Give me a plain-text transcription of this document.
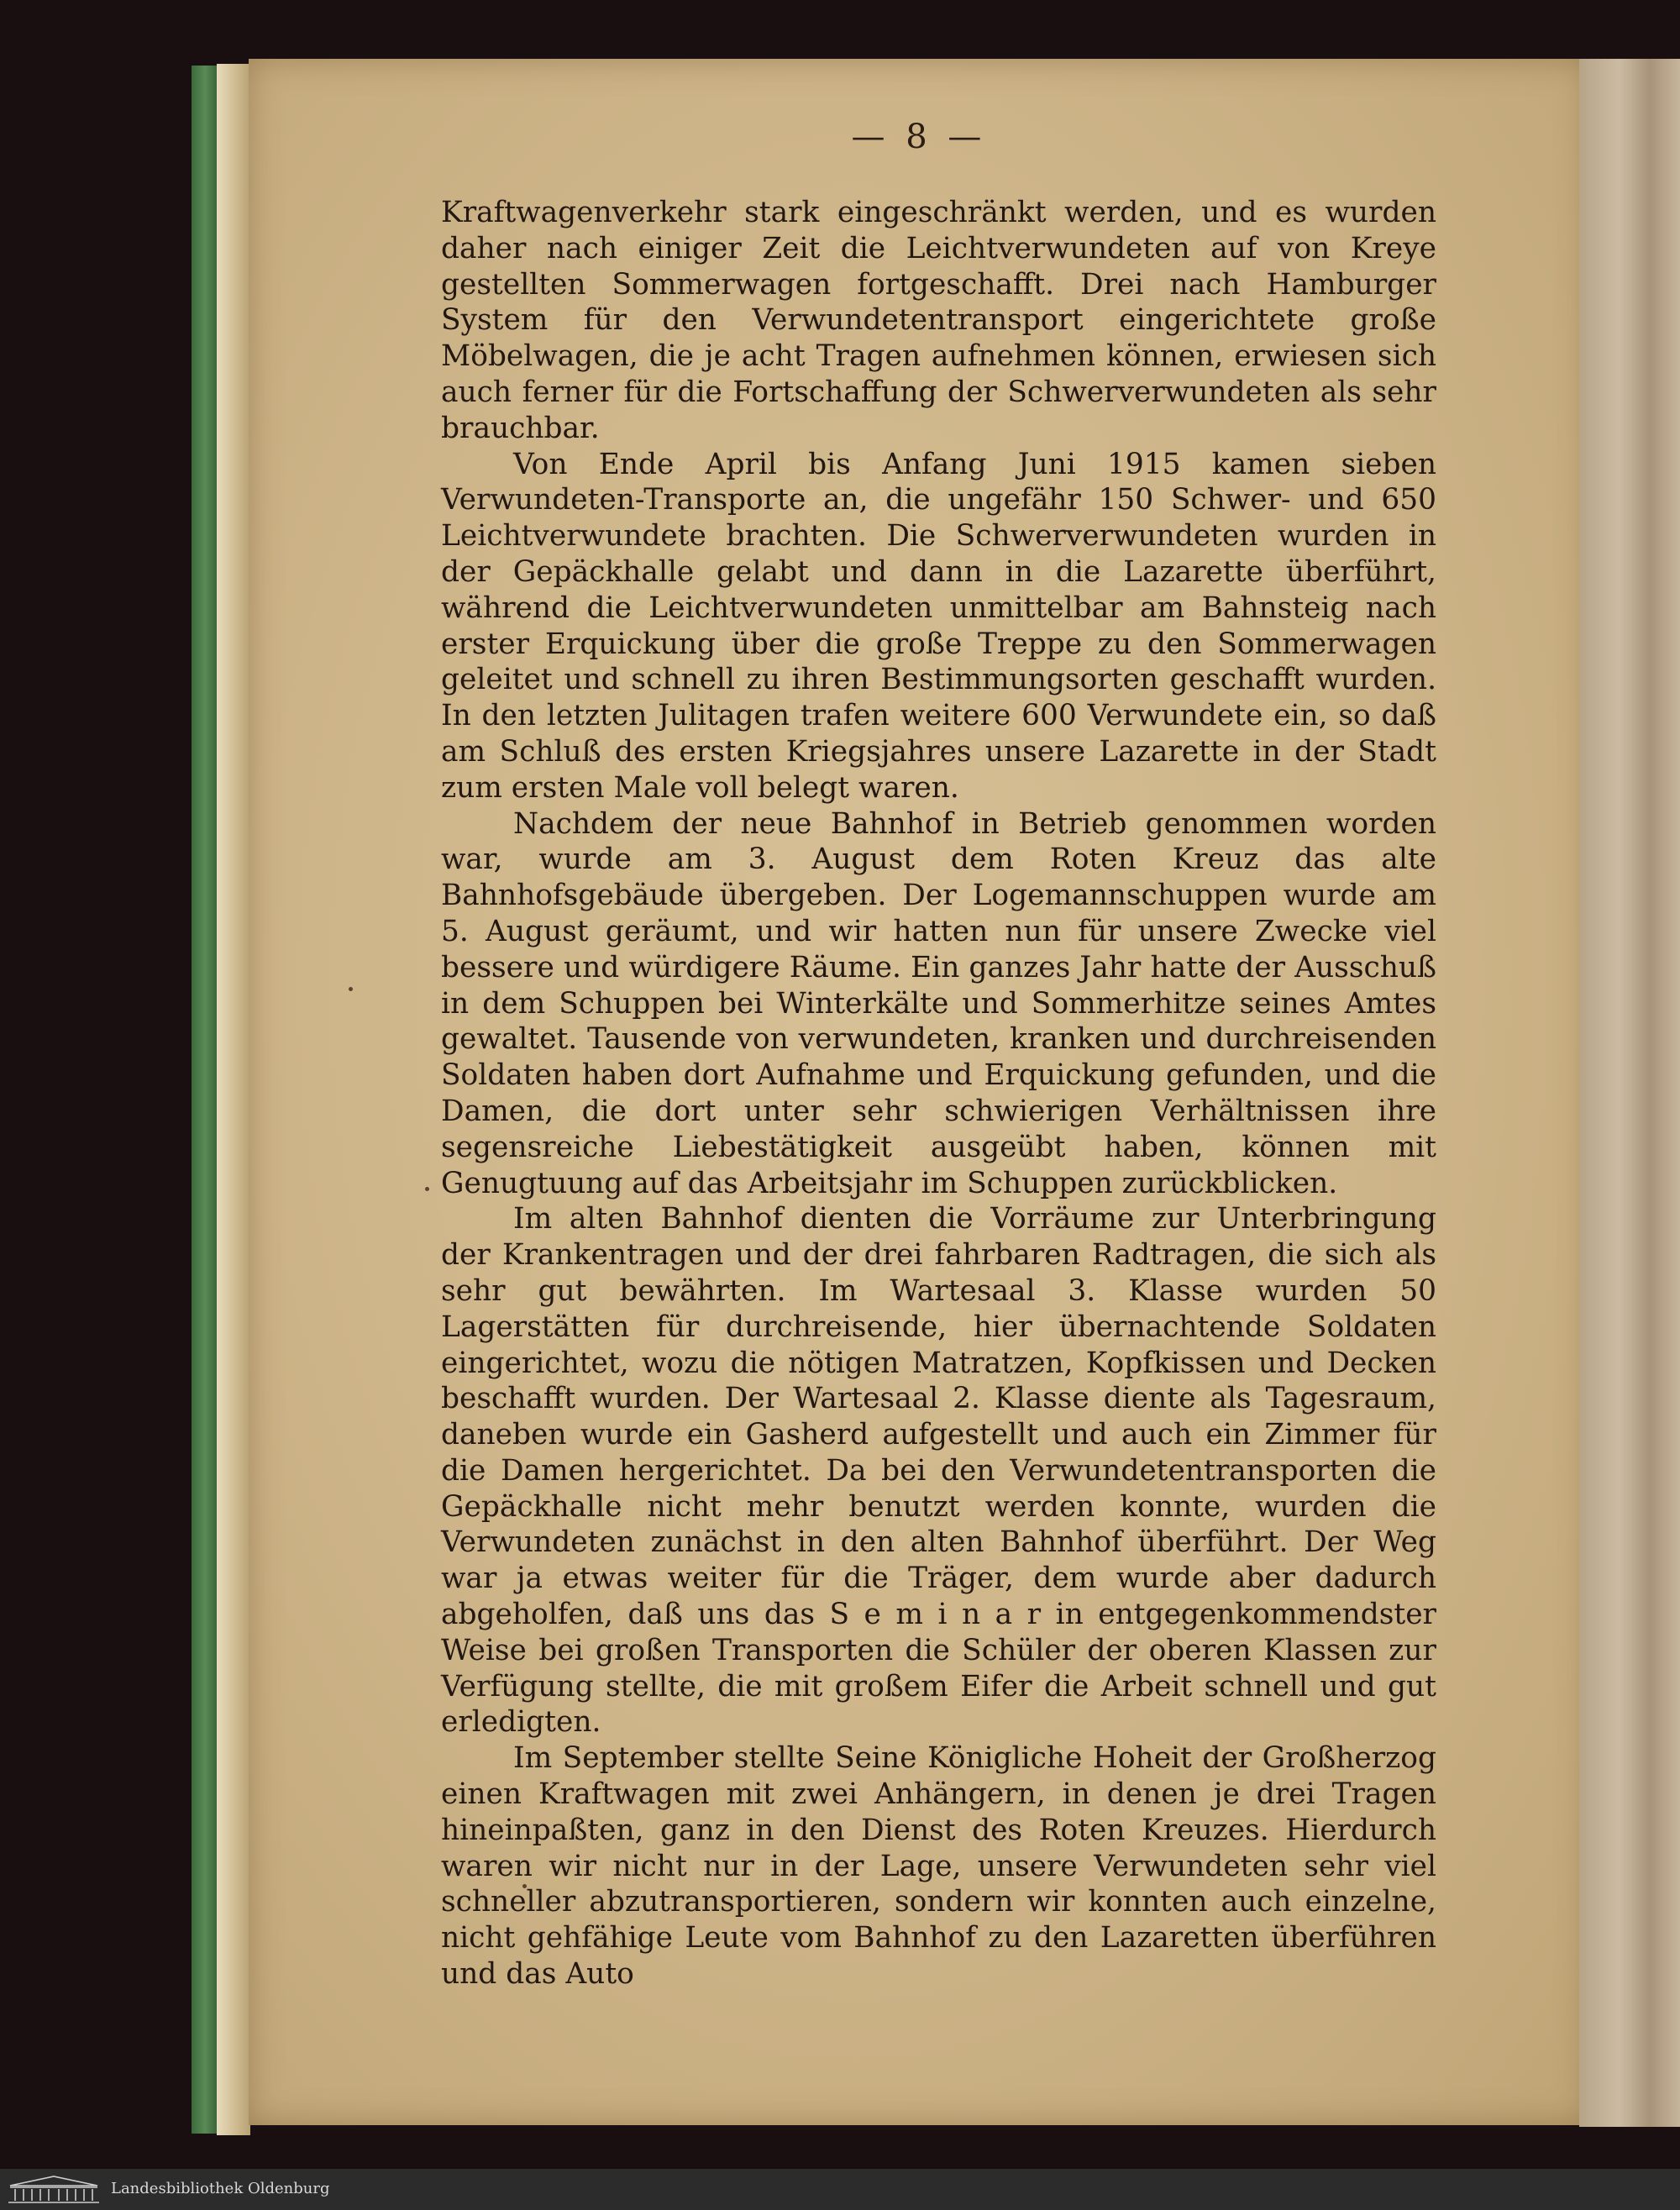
— 8 —

Kraftwagenverkehr stark eingeschränkt werden, und es wurden daher nach einiger Zeit die Leichtverwundeten auf von Kreye gestellten Sommerwagen fortgeschafft. Drei nach Hamburger System für den Verwundetentransport eingerichtete große Möbelwagen, die je acht Tragen aufnehmen können, erwiesen sich auch ferner für die Fortschaffung der Schwerverwundeten als sehr brauchbar.

Von Ende April bis Anfang Juni 1915 kamen sieben Verwundeten-Transporte an, die ungefähr 150 Schwer- und 650 Leichtverwundete brachten. Die Schwerverwundeten wurden in der Gepäckhalle gelabt und dann in die Lazarette überführt, während die Leichtverwundeten unmittelbar am Bahnsteig nach erster Erquickung über die große Treppe zu den Sommerwagen geleitet und schnell zu ihren Bestimmungsorten geschafft wurden. In den letzten Julitagen trafen weitere 600 Verwundete ein, so daß am Schluß des ersten Kriegsjahres unsere Lazarette in der Stadt zum ersten Male voll belegt waren.

Nachdem der neue Bahnhof in Betrieb genommen worden war, wurde am 3. August dem Roten Kreuz das alte Bahnhofsgebäude übergeben. Der Logemannschuppen wurde am 5. August geräumt, und wir hatten nun für unsere Zwecke viel bessere und würdigere Räume. Ein ganzes Jahr hatte der Ausschuß in dem Schuppen bei Winterkälte und Sommerhitze seines Amtes gewaltet. Tausende von verwundeten, kranken und durchreisenden Soldaten haben dort Aufnahme und Erquickung gefunden, und die Damen, die dort unter sehr schwierigen Verhältnissen ihre segensreiche Liebestätigkeit ausgeübt haben, können mit Genugtuung auf das Arbeitsjahr im Schuppen zurückblicken.

Im alten Bahnhof dienten die Vorräume zur Unterbringung der Krankentragen und der drei fahrbaren Radtragen, die sich als sehr gut bewährten. Im Wartesaal 3. Klasse wurden 50 Lagerstätten für durchreisende, hier übernachtende Soldaten eingerichtet, wozu die nötigen Matratzen, Kopfkissen und Decken beschafft wurden. Der Wartesaal 2. Klasse diente als Tagesraum, daneben wurde ein Gasherd aufgestellt und auch ein Zimmer für die Damen hergerichtet. Da bei den Verwundetentransporten die Gepäckhalle nicht mehr benutzt werden konnte, wurden die Verwundeten zunächst in den alten Bahnhof überführt. Der Weg war ja etwas weiter für die Träger, dem wurde aber dadurch abgeholfen, daß uns das S e m i n a r in entgegenkommendster Weise bei großen Transporten die Schüler der oberen Klassen zur Verfügung stellte, die mit großem Eifer die Arbeit schnell und gut erledigten.

Im September stellte Seine Königliche Hoheit der Großherzog einen Kraftwagen mit zwei Anhängern, in denen je drei Tragen hineinpaßten, ganz in den Dienst des Roten Kreuzes. Hierdurch waren wir nicht nur in der Lage, unsere Verwundeten sehr viel schneller abzutransportieren, sondern wir konnten auch einzelne, nicht gehfähige Leute vom Bahnhof zu den Lazaretten überführen und das Auto

Landesbibliothek Oldenburg
